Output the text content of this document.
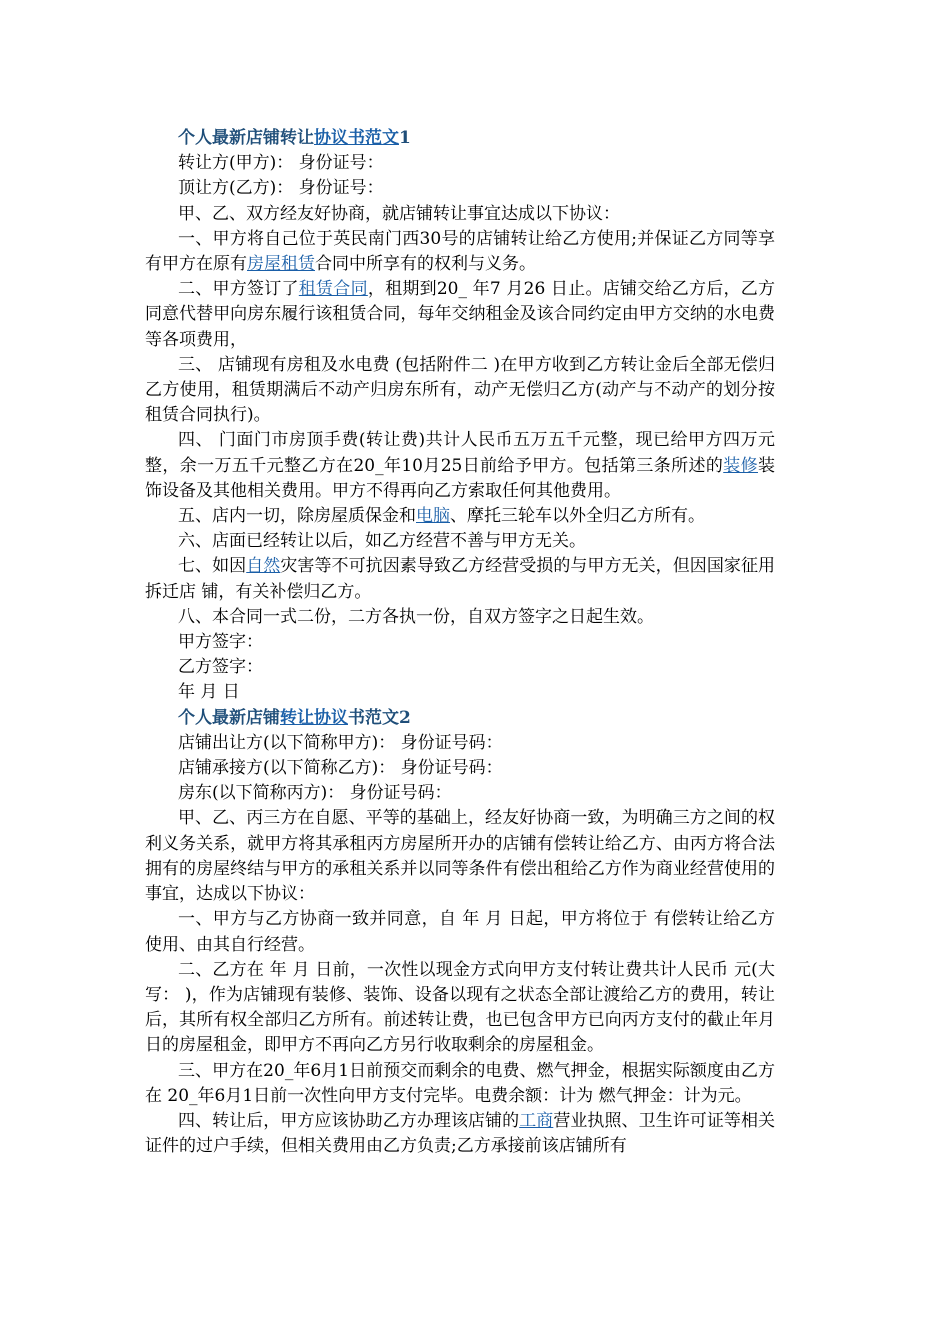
个人最新店铺转让协议书范文1
转让方(甲方)： 身份证号：
顶让方(乙方)： 身份证号：
甲、乙、双方经友好协商，就店铺转让事宜达成以下协议：

一、甲方将自己位于英民南门西30号的店铺转让给乙方使用;并保证乙方同等享有甲方在原有房屋租赁合同中所享有的权利与义务。

二、甲方签订了租赁合同，租期到20_ 年7 月26 日止。店铺交给乙方后，乙方同意代替甲向房东履行该租赁合同，每年交纳租金及该合同约定由甲方交纳的水电费等各项费用，

三、 店铺现有房租及水电费 (包括附件二 )在甲方收到乙方转让金后全部无偿归乙方使用，租赁期满后不动产归房东所有，动产无偿归乙方(动产与不动产的划分按租赁合同执行)。

四、 门面门市房顶手费(转让费)共计人民币五万五千元整，现已给甲方四万元整，余一万五千元整乙方在20_年10月25日前给予甲方。包括第三条所述的装修装饰设备及其他相关费用。甲方不得再向乙方索取任何其他费用。

五、店内一切，除房屋质保金和电脑、摩托三轮车以外全归乙方所有。

六、店面已经转让以后，如乙方经营不善与甲方无关。

七、如因自然灾害等不可抗因素导致乙方经营受损的与甲方无关，但因国家征用拆迁店 铺，有关补偿归乙方。

八、本合同一式二份，二方各执一份，自双方签字之日起生效。

甲方签字：
乙方签字：
年 月 日
个人最新店铺转让协议书范文2
店铺出让方(以下简称甲方)： 身份证号码：
店铺承接方(以下简称乙方)： 身份证号码：
房东(以下简称丙方)： 身份证号码：

甲、乙、丙三方在自愿、平等的基础上，经友好协商一致，为明确三方之间的权利义务关系，就甲方将其承租丙方房屋所开办的店铺有偿转让给乙方、由丙方将合法拥有的房屋终结与甲方的承租关系并以同等条件有偿出租给乙方作为商业经营使用的事宜，达成以下协议：

一、甲方与乙方协商一致并同意，自 年 月 日起，甲方将位于 有偿转让给乙方使用、由其自行经营。

二、乙方在 年 月 日前，一次性以现金方式向甲方支付转让费共计人民币 元(大写： )，作为店铺现有装修、装饰、设备以现有之状态全部让渡给乙方的费用，转让后，其所有权全部归乙方所有。前述转让费，也已包含甲方已向丙方支付的截止年月日的房屋租金，即甲方不再向乙方另行收取剩余的房屋租金。

三、甲方在20_年6月1日前预交而剩余的电费、燃气押金，根据实际额度由乙方在 20_年6月1日前一次性向甲方支付完毕。电费余额：计为 燃气押金：计为元。

四、转让后，甲方应该协助乙方办理该店铺的工商营业执照、卫生许可证等相关证件的过户手续，但相关费用由乙方负责;乙方承接前该店铺所有
